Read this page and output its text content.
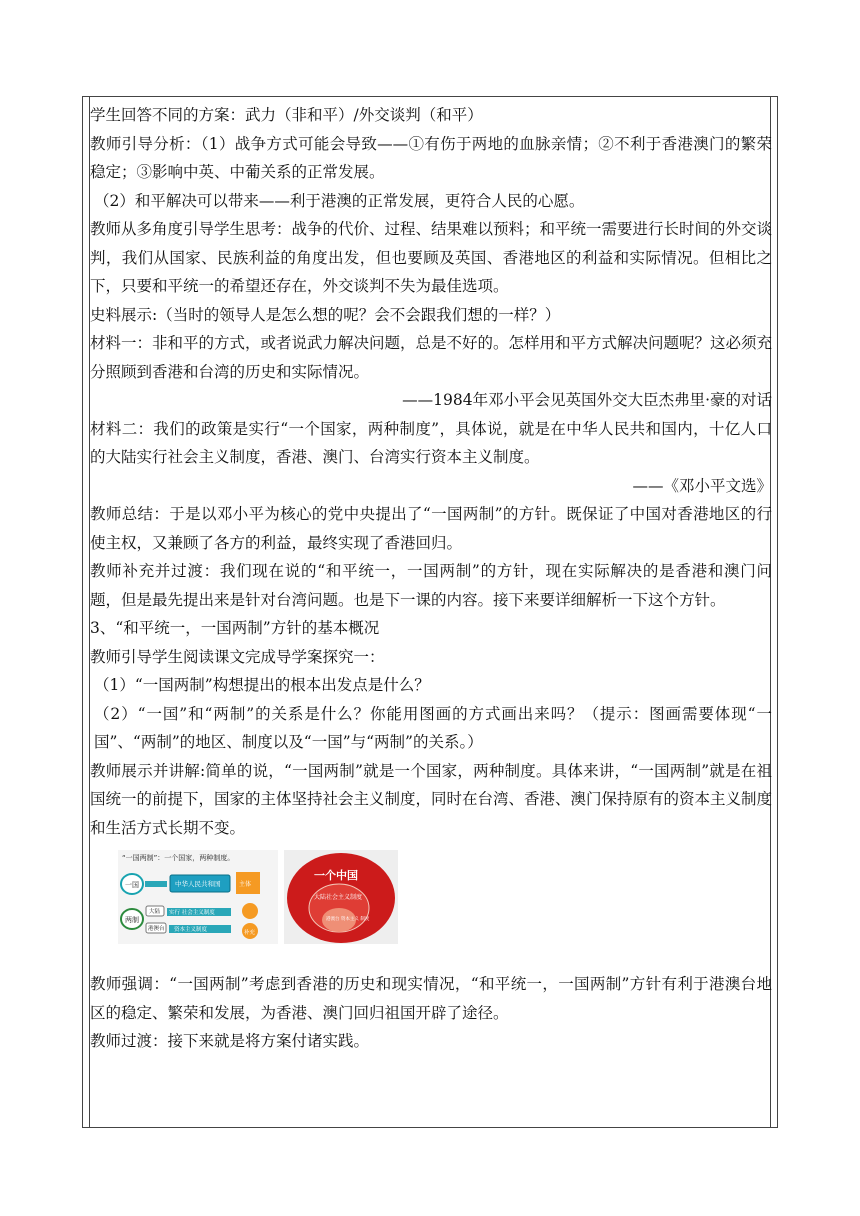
学生回答不同的方案：武力（非和平）/外交谈判（和平）

教师引导分析：（1）战争方式可能会导致——①有伤于两地的血脉亲情；②不利于香港澳门的繁荣稳定；③影响中英、中葡关系的正常发展。

（2）和平解决可以带来——利于港澳的正常发展，更符合人民的心愿。

教师从多角度引导学生思考：战争的代价、过程、结果难以预料；和平统一需要进行长时间的外交谈判，我们从国家、民族利益的角度出发，但也要顾及英国、香港地区的利益和实际情况。但相比之下，只要和平统一的希望还存在，外交谈判不失为最佳选项。

史料展示:（当时的领导人是怎么想的呢？会不会跟我们想的一样？）

材料一：非和平的方式，或者说武力解决问题，总是不好的。怎样用和平方式解决问题呢？这必须充分照顾到香港和台湾的历史和实际情况。

——1984年邓小平会见英国外交大臣杰弗里·豪的对话

材料二：我们的政策是实行“一个国家，两种制度”，具体说，就是在中华人民共和国内，十亿人口的大陆实行社会主义制度，香港、澳门、台湾实行资本主义制度。

——《邓小平文选》

教师总结：于是以邓小平为核心的党中央提出了“一国两制”的方针。既保证了中国对香港地区的行使主权，又兼顾了各方的利益，最终实现了香港回归。

教师补充并过渡：我们现在说的“和平统一，一国两制”的方针，现在实际解决的是香港和澳门问题，但是最先提出来是针对台湾问题。也是下一课的内容。接下来要详细解析一下这个方针。

3、“和平统一，一国两制”方针的基本概况

教师引导学生阅读课文完成导学案探究一：

（1）“一国两制”构想提出的根本出发点是什么？

（2）“一国”和“两制”的关系是什么？你能用图画的方式画出来吗？（提示：图画需要体现“一国”、“两制”的地区、制度以及“一国”与“两制”的关系。）

教师展示并讲解:简单的说，“一国两制”就是一个国家，两种制度。具体来讲，“一国两制”就是在祖国统一的前提下，国家的主体坚持社会主义制度，同时在台湾、香港、澳门保持原有的资本主义制度和生活方式长期不变。

“一国两制”：一个国家，两种制度。
一国	中华人民共和国	主体
两制
大陆 实行 社会主义制度
港澳台 资本主义制度	补充
一个中国
大陆社会主义制度
港澳台 资本主义 制度

教师强调：“一国两制”考虑到香港的历史和现实情况，“和平统一，一国两制”方针有利于港澳台地区的稳定、繁荣和发展，为香港、澳门回归祖国开辟了途径。

教师过渡：接下来就是将方案付诸实践。
